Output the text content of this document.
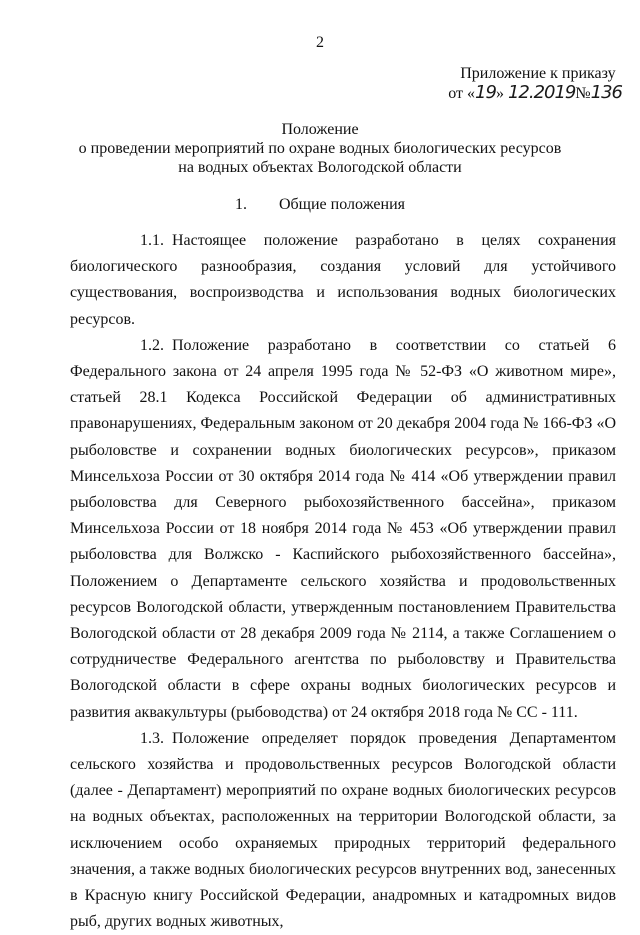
2
Приложение к приказу
от «19» 12.2019№136
Положение
о проведении мероприятий по охране водных биологических ресурсов
на водных объектах Вологодской области
1. Общие положения

1.1. Настоящее положение разработано в целях сохранения биологического разнообразия, создания условий для устойчивого существования, воспроизводства и использования водных биологических ресурсов.

1.2. Положение разработано в соответствии со статьей 6 Федерального закона от 24 апреля 1995 года № 52-ФЗ «О животном мире», статьей 28.1 Кодекса Российской Федерации об административных правонарушениях, Федеральным законом от 20 декабря 2004 года № 166-ФЗ «О рыболовстве и сохранении водных биологических ресурсов», приказом Минсельхоза России от 30 октября 2014 года № 414 «Об утверждении правил рыболовства для Северного рыбохозяйственного бассейна», приказом Минсельхоза России от 18 ноября 2014 года № 453 «Об утверждении правил рыболовства для Волжско - Каспийского рыбохозяйственного бассейна», Положением о Департаменте сельского хозяйства и продовольственных ресурсов Вологодской области, утвержденным постановлением Правительства Вологодской области от 28 декабря 2009 года № 2114, а также Соглашением о сотрудничестве Федерального агентства по рыболовству и Правительства Вологодской области в сфере охраны водных биологических ресурсов и развития аквакультуры (рыбоводства) от 24 октября 2018 года № СС - 111.

1.3. Положение определяет порядок проведения Департаментом сельского хозяйства и продовольственных ресурсов Вологодской области (далее - Департамент) мероприятий по охране водных биологических ресурсов на водных объектах, расположенных на территории Вологодской области, за исключением особо охраняемых природных территорий федерального значения, а также водных биологических ресурсов внутренних вод, занесенных в Красную книгу Российской Федерации, анадромных и катадромных видов рыб, других водных животных,
